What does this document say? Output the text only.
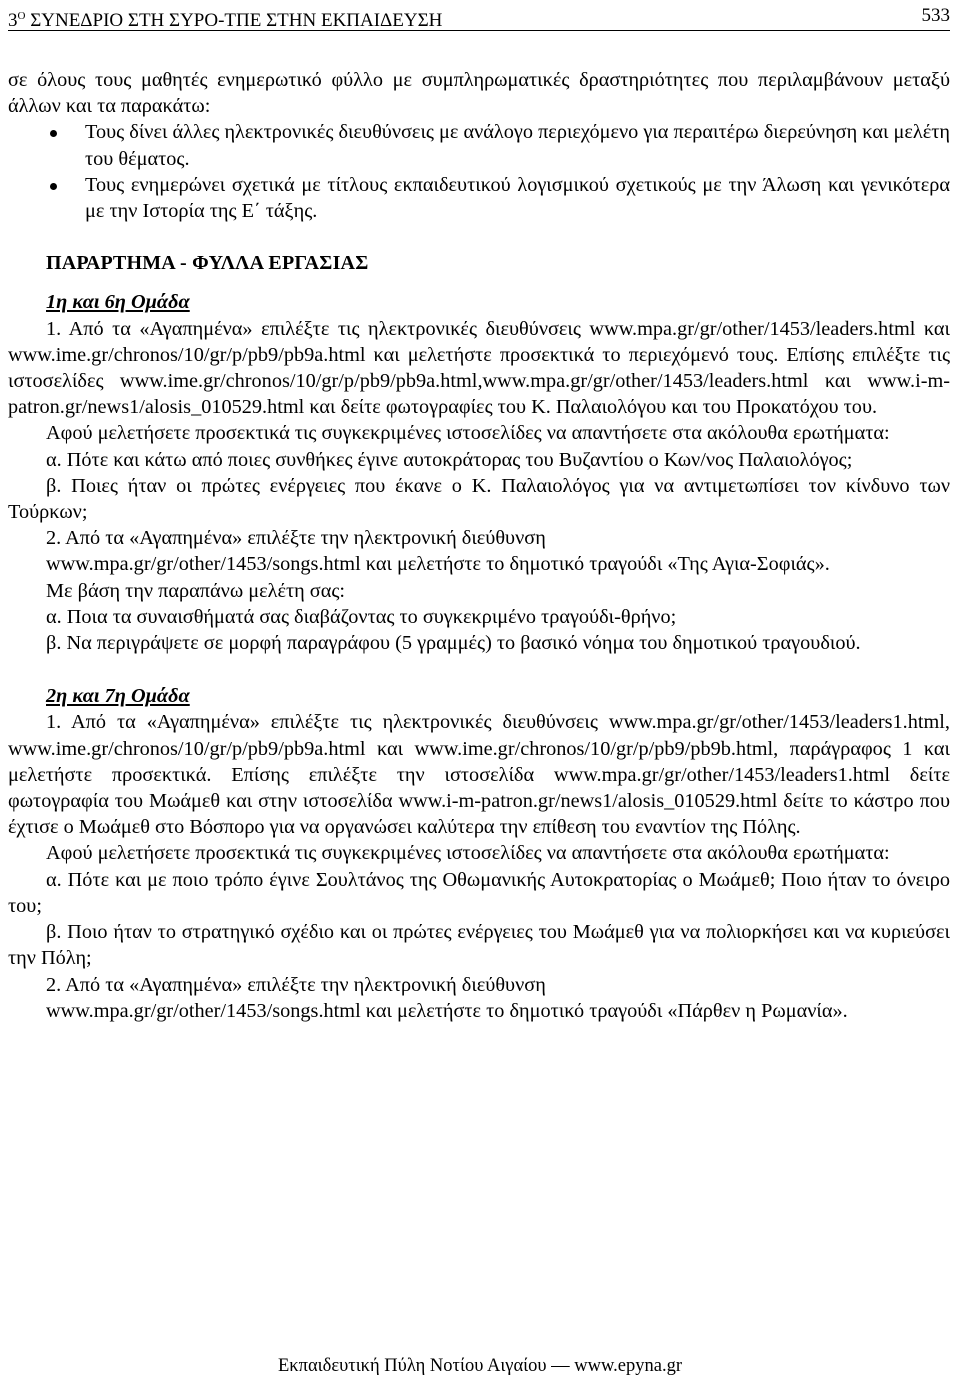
$3^O$ ΣΥΝΕΔΡΙΟ ΣΤΗ ΣΥΡΟ-ΤΠΕ ΣΤΗΝ ΕΚΠΑΙΔΕΥΣΗ	533

σε όλους τους μαθητές ενημερωτικό φύλλο με συμπληρωματικές δραστηριότητες που περιλαμβάνουν μεταξύ άλλων και τα παρακάτω:

Τους δίνει άλλες ηλεκτρονικές διευθύνσεις με ανάλογο περιεχόμενο για περαιτέρω διερεύνηση και μελέτη του θέματος.

Τους ενημερώνει σχετικά με τίτλους εκπαιδευτικού λογισμικού σχετικούς με την Άλωση και γενικότερα με την Ιστορία της Ε΄ τάξης.

ΠΑΡΑΡΤΗΜΑ - ΦΥΛΛΑ ΕΡΓΑΣΙΑΣ
1η και 6η Ομάδα

1. Από τα «Αγαπημένα» επιλέξτε τις ηλεκτρονικές διευθύνσεις www.mpa.gr/gr/other/1453/leaders.html και www.ime.gr/chronos/10/gr/p/pb9/pb9a.html και μελετήστε προσεκτικά το περιεχόμενό τους. Επίσης επιλέξτε τις ιστοσελίδες www.ime.gr/chronos/10/gr/p/pb9/pb9a.html,www.mpa.gr/gr/other/1453/leaders.html και www.i-m-patron.gr/news1/alosis_010529.html και δείτε φωτογραφίες του Κ. Παλαιολόγου και του Προκατόχου του.

Αφού μελετήσετε προσεκτικά τις συγκεκριμένες ιστοσελίδες να απαντήσετε στα ακόλουθα ερωτήματα:

α. Πότε και κάτω από ποιες συνθήκες έγινε αυτοκράτορας του Βυζαντίου ο Κων/νος Παλαιολόγος;

β. Ποιες ήταν οι πρώτες ενέργειες που έκανε ο Κ. Παλαιολόγος για να αντιμετωπίσει τον κίνδυνο των Τούρκων;

2. Από τα «Αγαπημένα» επιλέξτε την ηλεκτρονική διεύθυνση

www.mpa.gr/gr/other/1453/songs.html και μελετήστε το δημοτικό τραγούδι «Της Αγια-Σοφιάς».

Με βάση την παραπάνω μελέτη σας:

α. Ποια τα συναισθήματά σας διαβάζοντας το συγκεκριμένο τραγούδι-θρήνο;

β. Να περιγράψετε σε μορφή παραγράφου (5 γραμμές) το βασικό νόημα του δημοτικού τραγουδιού.

2η και 7η Ομάδα

1. Από τα «Αγαπημένα» επιλέξτε τις ηλεκτρονικές διευθύνσεις www.mpa.gr/gr/other/1453/leaders1.html, www.ime.gr/chronos/10/gr/p/pb9/pb9a.html και www.ime.gr/chronos/10/gr/p/pb9/pb9b.html, παράγραφος 1 και μελετήστε προσεκτικά. Επίσης επιλέξτε την ιστοσελίδα www.mpa.gr/gr/other/1453/leaders1.html δείτε φωτογραφία του Μωάμεθ και στην ιστοσελίδα www.i-m-patron.gr/news1/alosis_010529.html δείτε το κάστρο που έχτισε ο Μωάμεθ στο Βόσπορο για να οργανώσει καλύτερα την επίθεση του εναντίον της Πόλης.

Αφού μελετήσετε προσεκτικά τις συγκεκριμένες ιστοσελίδες να απαντήσετε στα ακόλουθα ερωτήματα:

α. Πότε και με ποιο τρόπο έγινε Σουλτάνος της Οθωμανικής Αυτοκρατορίας ο Μωάμεθ; Ποιο ήταν το όνειρο του;

β. Ποιο ήταν το στρατηγικό σχέδιο και οι πρώτες ενέργειες του Μωάμεθ για να πολιορκήσει και να κυριεύσει την Πόλη;

2. Από τα «Αγαπημένα» επιλέξτε την ηλεκτρονική διεύθυνση

www.mpa.gr/gr/other/1453/songs.html και μελετήστε το δημοτικό τραγούδι «Πάρθεν η Ρωμανία».

Εκπαιδευτική Πύλη Νοτίου Αιγαίου ― www.epyna.gr
